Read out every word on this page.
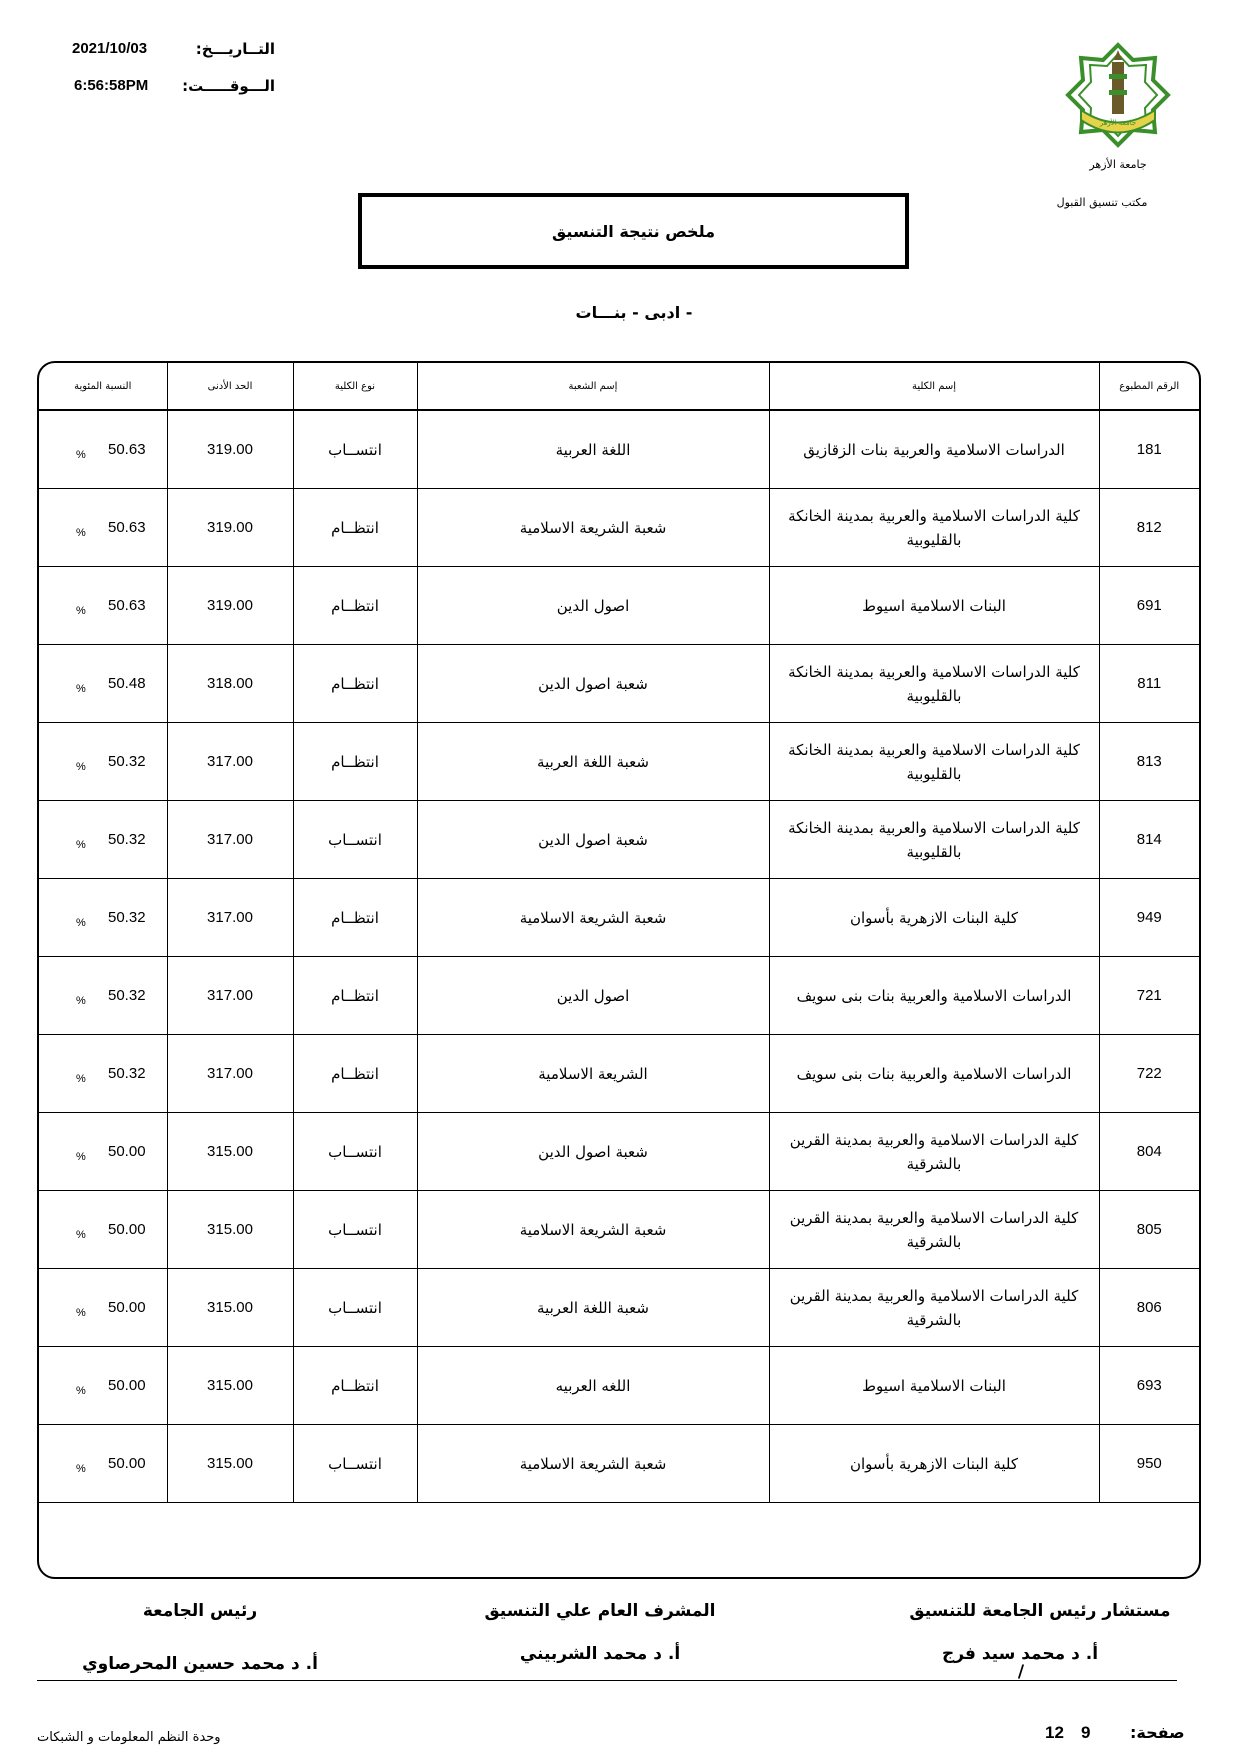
2021/10/03	التــاريـــخ:
6:56:58PM الـــوقـــــت:
جامعة الأزهر
جامعة الأزهر
مكتب تنسيق القبول
ملخص نتيجة التنسيق
- ادبى - بنـــات
الرقم المطبوع	إسم الكلية	إسم الشعبة	نوع الكلية	الحد الأدنى	النسبة المئوية
181	الدراسات الاسلامية والعربية بنات الزقازيق	اللغة العربية	انتســاب	319.00	% 50.63

812	كلية الدراسات الاسلامية والعربية بمدينة الخانكة بالقليوبية	شعبة الشريعة الاسلامية	انتظــام	319.00	% 50.63

691	البنات الاسلامية اسيوط	اصول الدين	انتظــام	319.00	% 50.63

811	كلية الدراسات الاسلامية والعربية بمدينة الخانكة بالقليوبية	شعبة اصول الدين	انتظــام	318.00	% 50.48

813	كلية الدراسات الاسلامية والعربية بمدينة الخانكة بالقليوبية	شعبة اللغة العربية	انتظــام	317.00	% 50.32

814	كلية الدراسات الاسلامية والعربية بمدينة الخانكة بالقليوبية	شعبة اصول الدين	انتســاب	317.00	% 50.32

949	كلية البنات الازهرية بأسوان	شعبة الشريعة الاسلامية	انتظــام	317.00	% 50.32

721	الدراسات الاسلامية والعربية بنات بنى سويف	اصول الدين	انتظــام	317.00	% 50.32

722	الدراسات الاسلامية والعربية بنات بنى سويف	الشريعة الاسلامية	انتظــام	317.00	% 50.32

804	كلية الدراسات الاسلامية والعربية بمدينة القرين بالشرقية	شعبة اصول الدين	انتســاب	315.00	% 50.00

805	كلية الدراسات الاسلامية والعربية بمدينة القرين بالشرقية	شعبة الشريعة الاسلامية	انتســاب	315.00	% 50.00

806	كلية الدراسات الاسلامية والعربية بمدينة القرين بالشرقية	شعبة اللغة العربية	انتســاب	315.00	% 50.00

693	البنات الاسلامية اسيوط	اللغه العربيه	انتظــام	315.00	% 50.00

950	كلية البنات الازهرية بأسوان	شعبة الشريعة الاسلامية	انتســاب	315.00	% 50.00
مستشار رئيس الجامعة للتنسيق
أ. د محمد سيد فرج
/
المشرف العام علي التنسيق
أ. د محمد الشربيني
رئيس الجامعة
أ. د محمد حسين المحرصاوي
وحدة النظم المعلومات و الشبكات	12 9 صفحة:
